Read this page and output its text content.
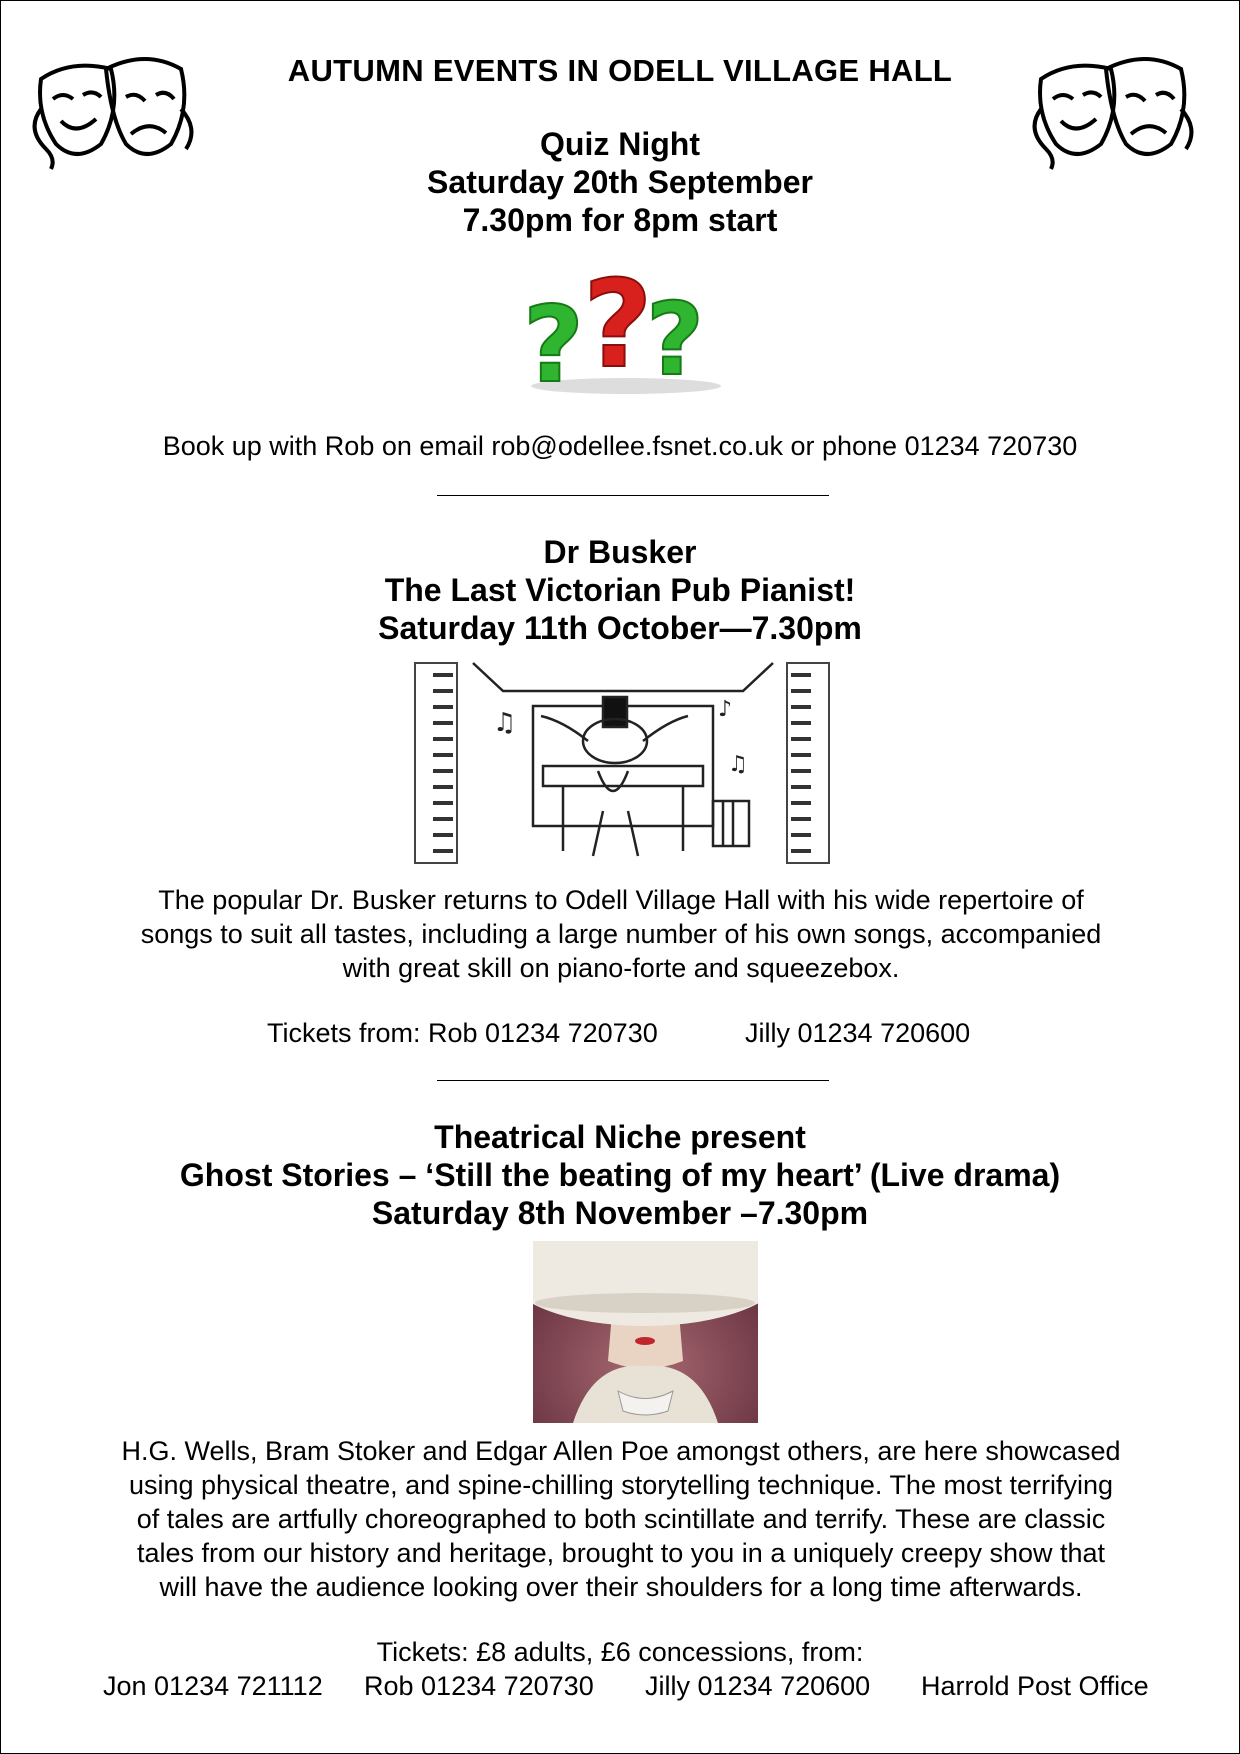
AUTUMN EVENTS IN ODELL VILLAGE HALL
Quiz Night
Saturday 20th September
7.30pm for 8pm start
? ?
?
Book up with Rob on email rob@odellee.fsnet.co.uk or phone 01234 720730
Dr Busker
The Last Victorian Pub Pianist!
Saturday 11th October—7.30pm
♫	♪
♫
The popular Dr. Busker returns to Odell Village Hall with his wide repertoire of
songs to suit all tastes, including a large number of his own songs, accompanied
with great skill on piano-forte and squeezebox.
Tickets from: Rob 01234 720730	Jilly 01234 720600
Theatrical Niche present
Ghost Stories – ‘Still the beating of my heart’ (Live drama)
Saturday 8th November –7.30pm
H.G. Wells, Bram Stoker and Edgar Allen Poe amongst others, are here showcased
using physical theatre, and spine-chilling storytelling technique. The most terrifying
of tales are artfully choreographed to both scintillate and terrify. These are classic
tales from our history and heritage, brought to you in a uniquely creepy show that
will have the audience looking over their shoulders for a long time afterwards.
Tickets: £8 adults, £6 concessions, from:
Jon 01234 721112 Rob 01234 720730 Jilly 01234 720600 Harrold Post Office
